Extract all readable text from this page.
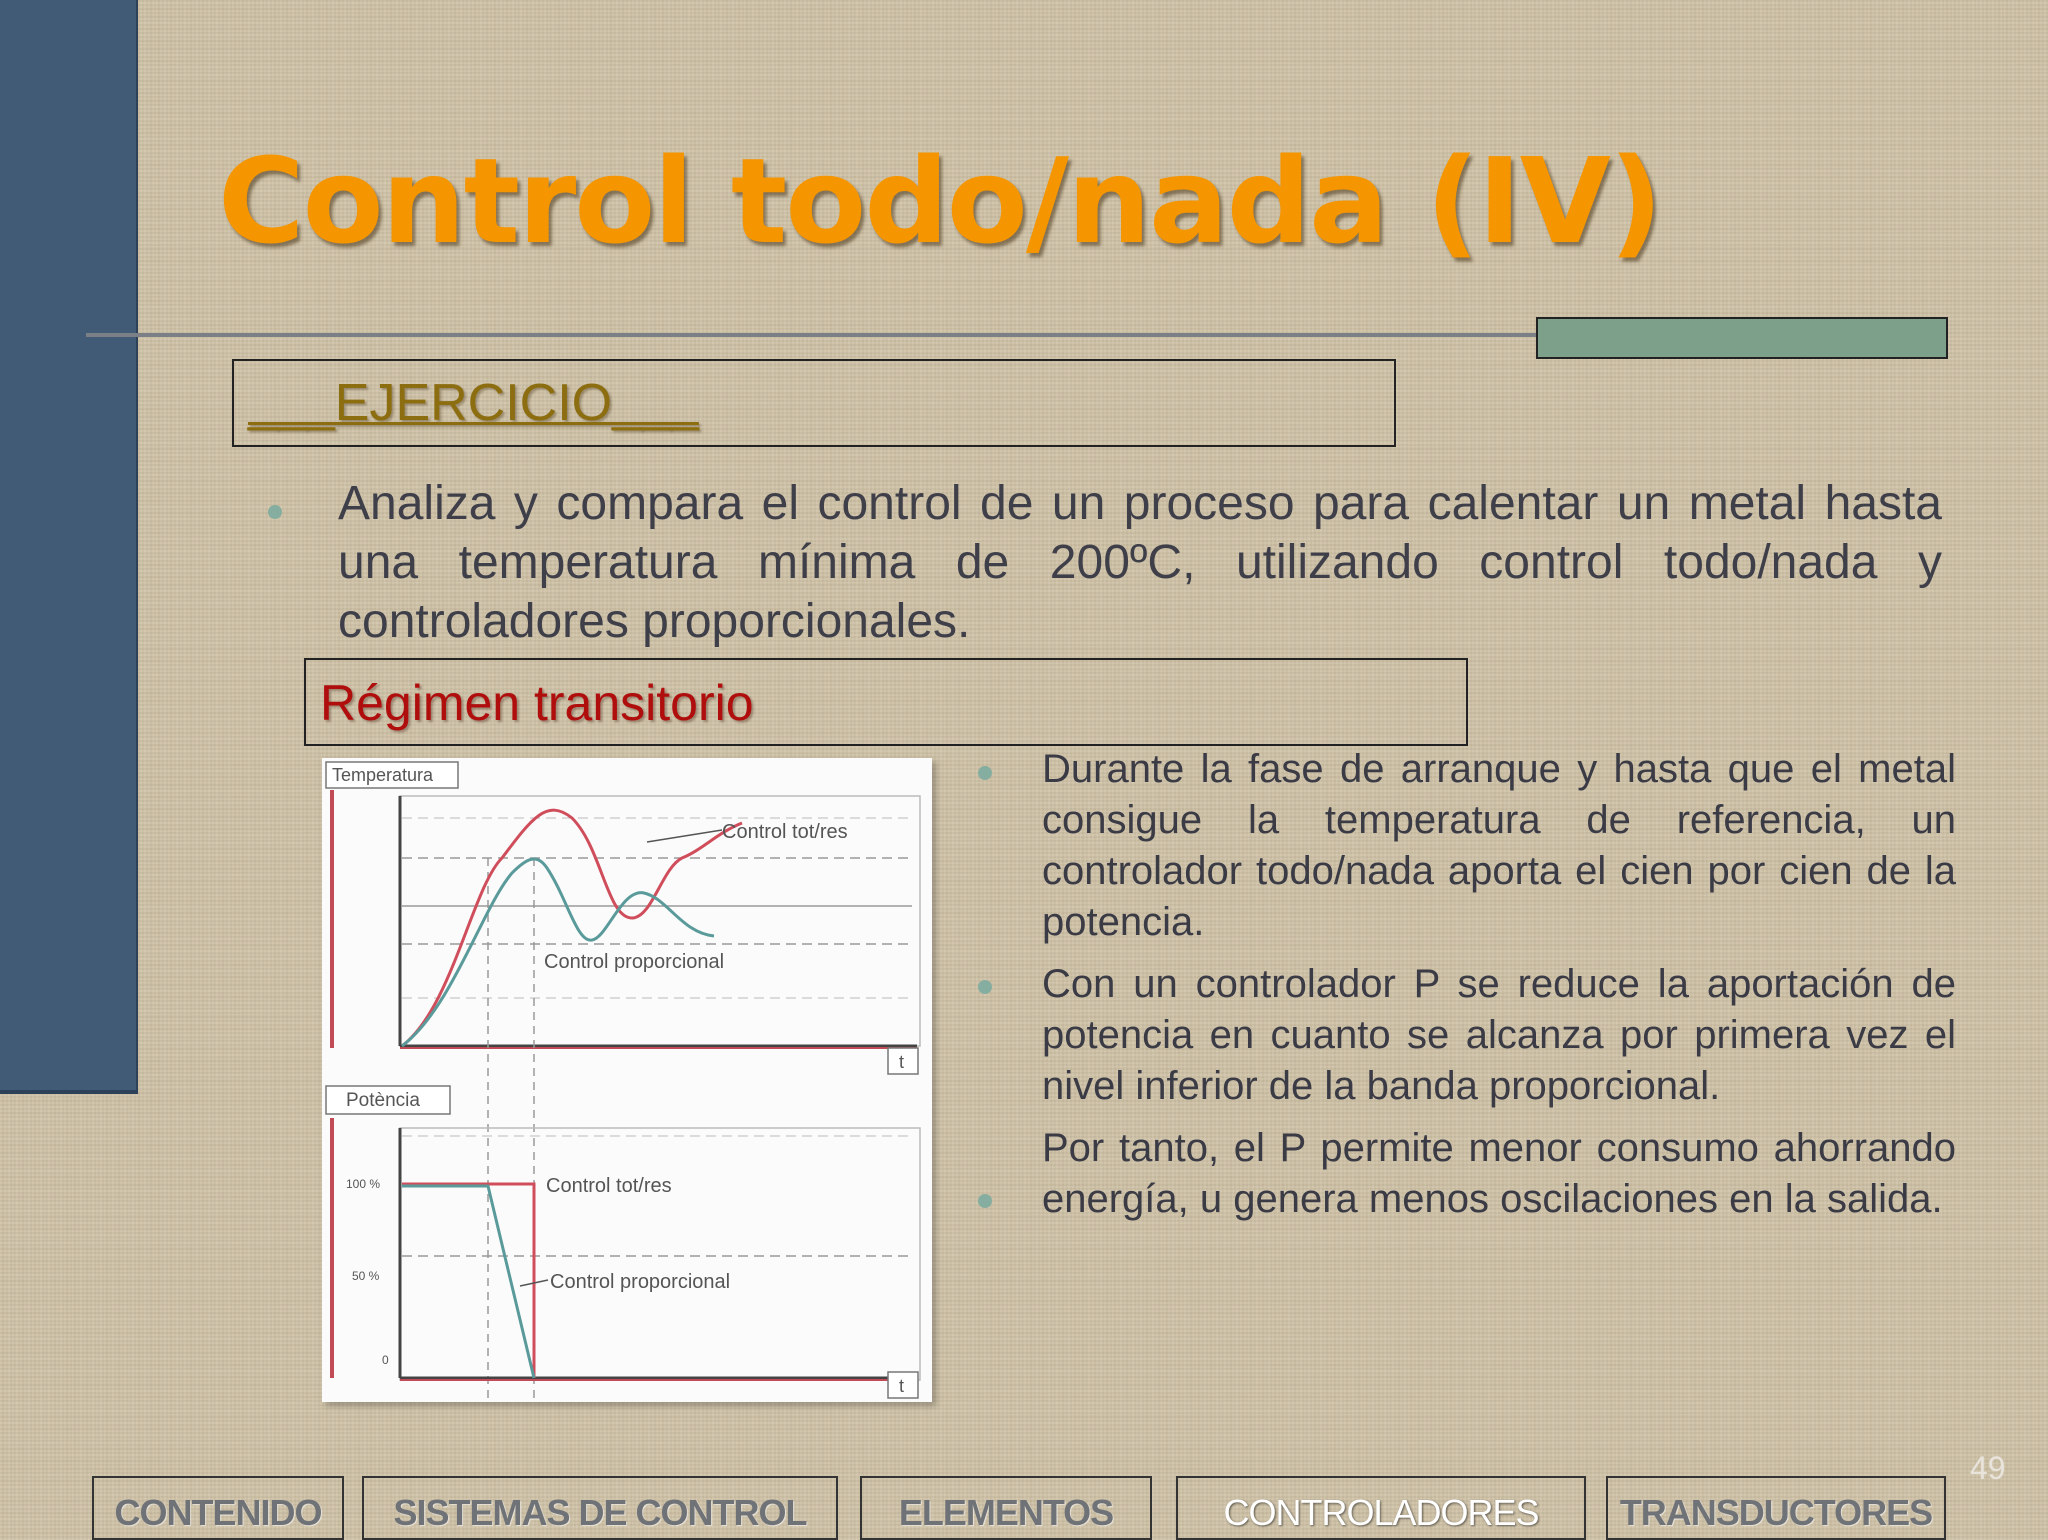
Control todo/nada (IV)
___EJERCICIO___
Analiza y compara el control de un proceso para calentar un metal hasta una temperatura mínima de 200ºC, utilizando control todo/nada y controladores proporcionales.
Régimen transitorio
Temperatura
Control tot/res
Control proporcional
t
Potència
100 %
50 %
0
Control tot/res
Control proporcional
t

Durante la fase de arranque y hasta que el metal consigue la temperatura de referencia, un controlador todo/nada aporta el cien por cien de la potencia.

Con un controlador P se reduce la aportación de potencia en cuanto se alcanza por primera vez el nivel inferior de la banda proporcional.

Por tanto, el P permite menor consumo ahorrando energía, u genera menos oscilaciones en la salida.

49
CONTENIDO	SISTEMAS DE CONTROL	ELEMENTOS	CONTROLADORES	TRANSDUCTORES
